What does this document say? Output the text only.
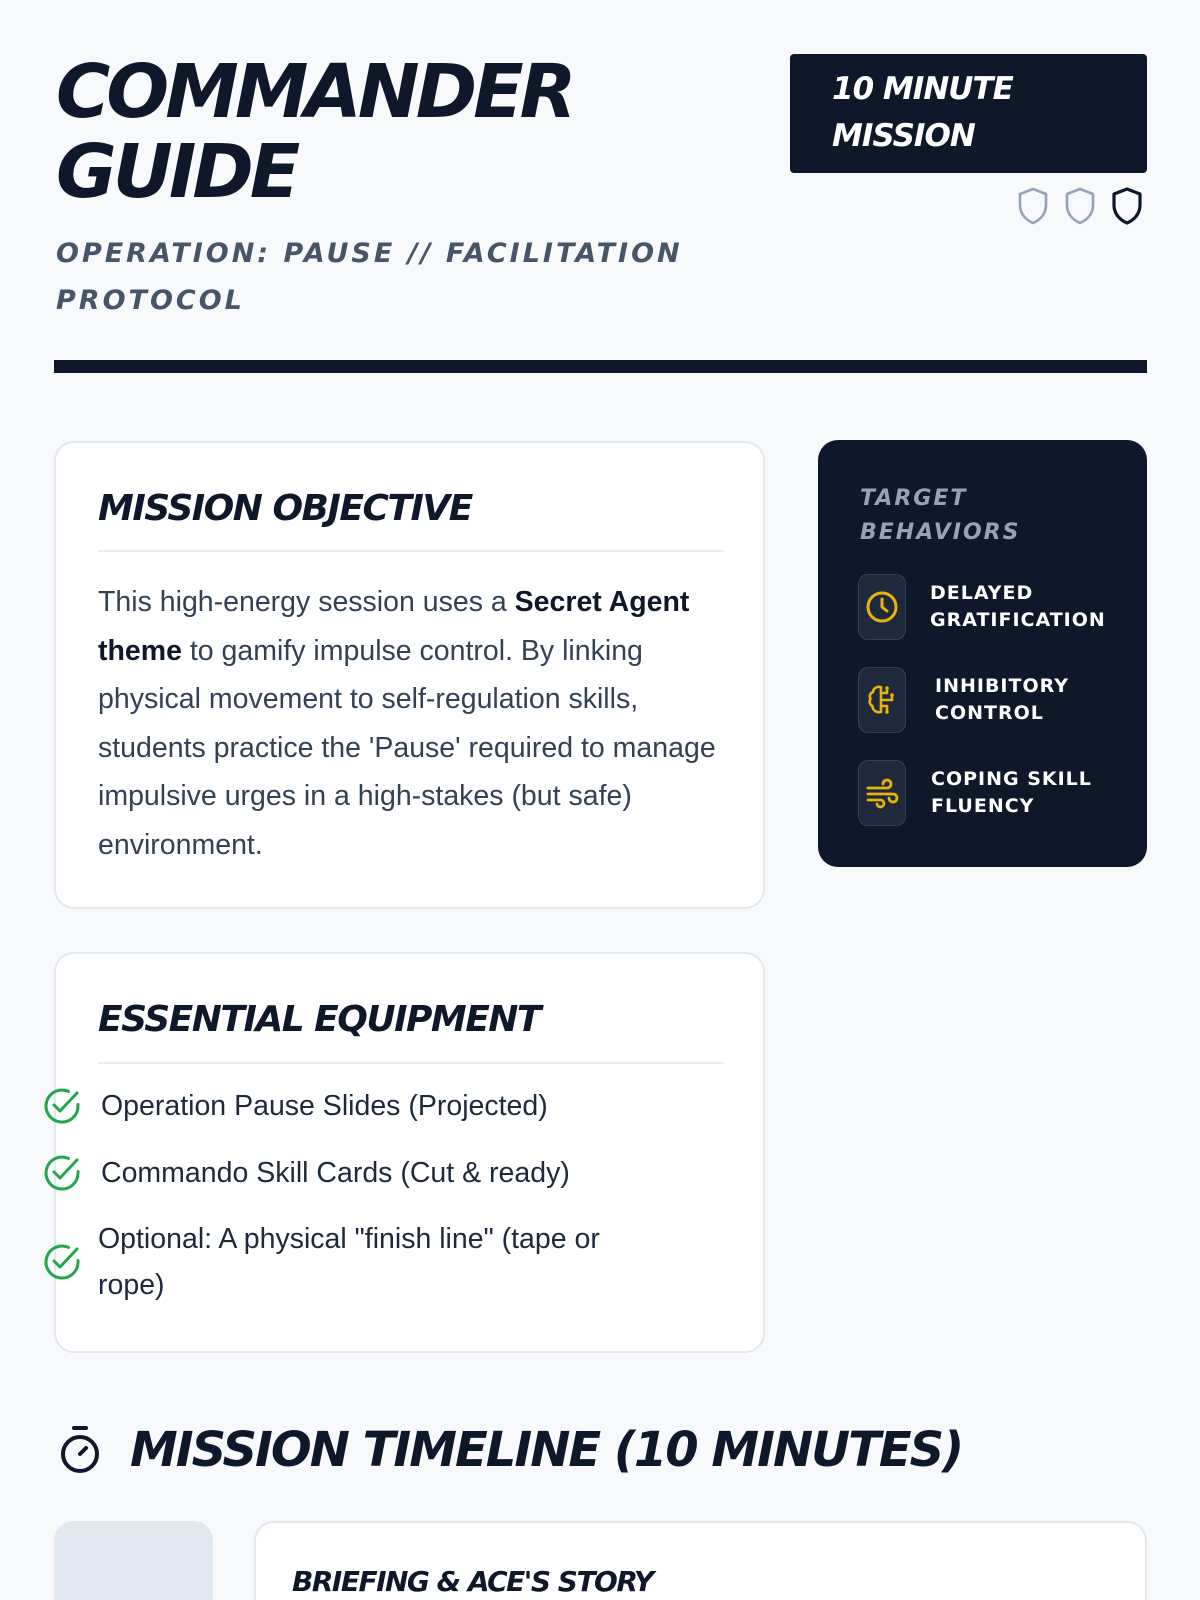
COMMANDER GUIDE
OPERATION: PAUSE // FACILITATION PROTOCOL
10 MINUTE MISSION
MISSION OBJECTIVE

This high-energy session uses a Secret Agent theme to gamify impulse control. By linking physical movement to self-regulation skills, students practice the 'Pause' required to manage impulsive urges in a high-stakes (but safe) environment.

ESSENTIAL EQUIPMENT
Operation Pause Slides (Projected)
Commando Skill Cards (Cut & ready)
Optional: A physical "finish line" (tape or rope)
TARGET BEHAVIORS
DELAYED GRATIFICATION
INHIBITORY CONTROL
COPING SKILL FLUENCY
MISSION TIMELINE (10 MINUTES)
BRIEFING & ACE'S STORY
